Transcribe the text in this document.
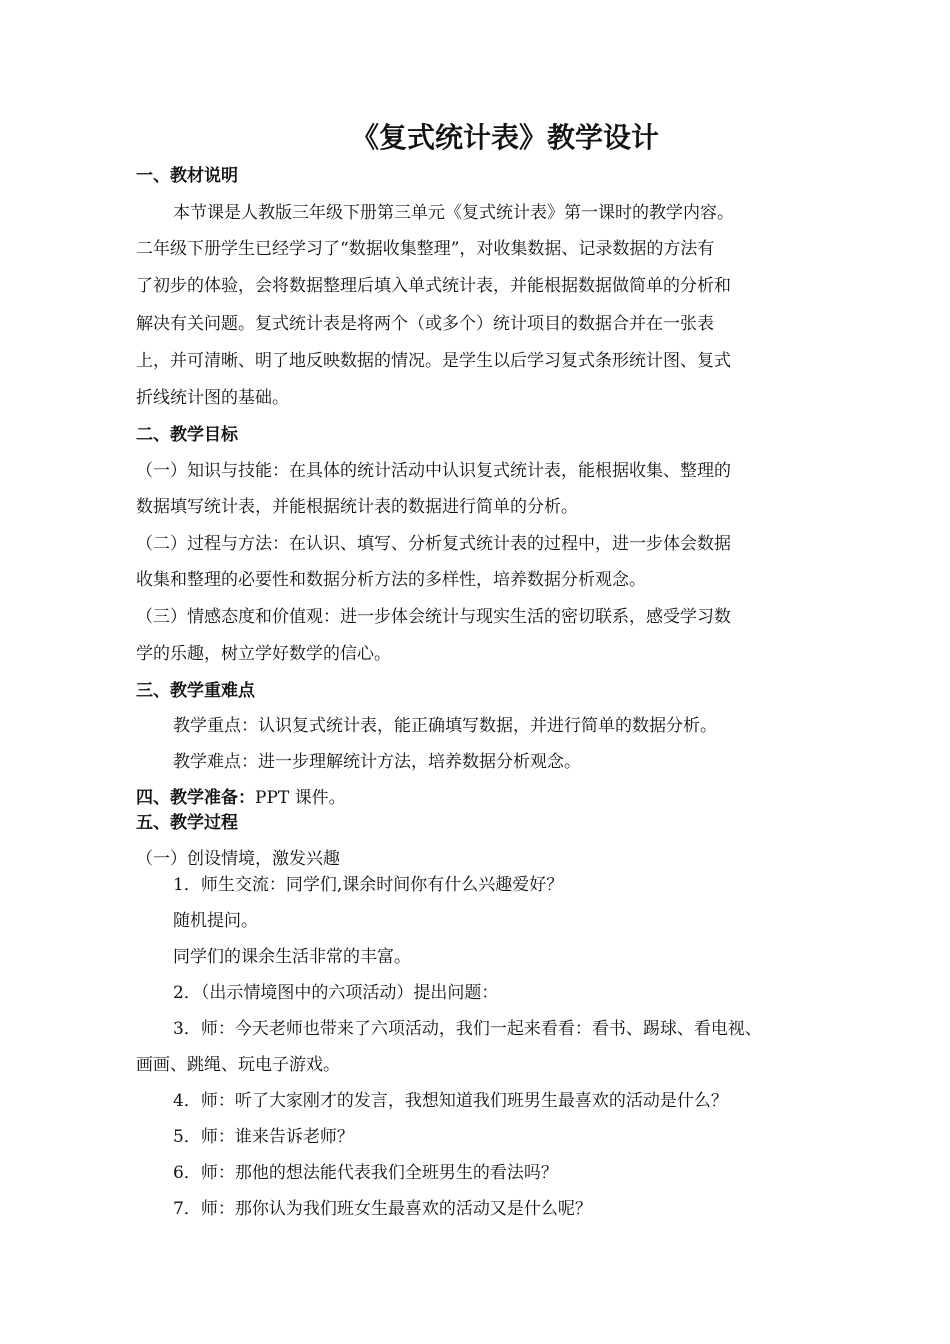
《复式统计表》教学设计
一、教材说明
本节课是人教版三年级下册第三单元《复式统计表》第一课时的教学内容。
二年级下册学生已经学习了“数据收集整理”，对收集数据、记录数据的方法有
了初步的体验，会将数据整理后填入单式统计表，并能根据数据做简单的分析和
解决有关问题。复式统计表是将两个（或多个）统计项目的数据合并在一张表
上，并可清晰、明了地反映数据的情况。是学生以后学习复式条形统计图、复式
折线统计图的基础。
二、教学目标
（一）知识与技能：在具体的统计活动中认识复式统计表，能根据收集、整理的
数据填写统计表，并能根据统计表的数据进行简单的分析。
（二）过程与方法：在认识、填写、分析复式统计表的过程中，进一步体会数据
收集和整理的必要性和数据分析方法的多样性，培养数据分析观念。
（三）情感态度和价值观：进一步体会统计与现实生活的密切联系，感受学习数
学的乐趣，树立学好数学的信心。
三、教学重难点
教学重点：认识复式统计表，能正确填写数据，并进行简单的数据分析。
教学难点：进一步理解统计方法，培养数据分析观念。
四、教学准备：PPT 课件。
五、教学过程
（一）创设情境，激发兴趣
1．师生交流：同学们,课余时间你有什么兴趣爱好？
随机提问。
同学们的课余生活非常的丰富。
2．（出示情境图中的六项活动）提出问题：
3．师：今天老师也带来了六项活动，我们一起来看看：看书、踢球、看电视、
画画、跳绳、玩电子游戏。
4．师：听了大家刚才的发言，我想知道我们班男生最喜欢的活动是什么？
5．师：谁来告诉老师？
6．师：那他的想法能代表我们全班男生的看法吗？
7．师：那你认为我们班女生最喜欢的活动又是什么呢？
